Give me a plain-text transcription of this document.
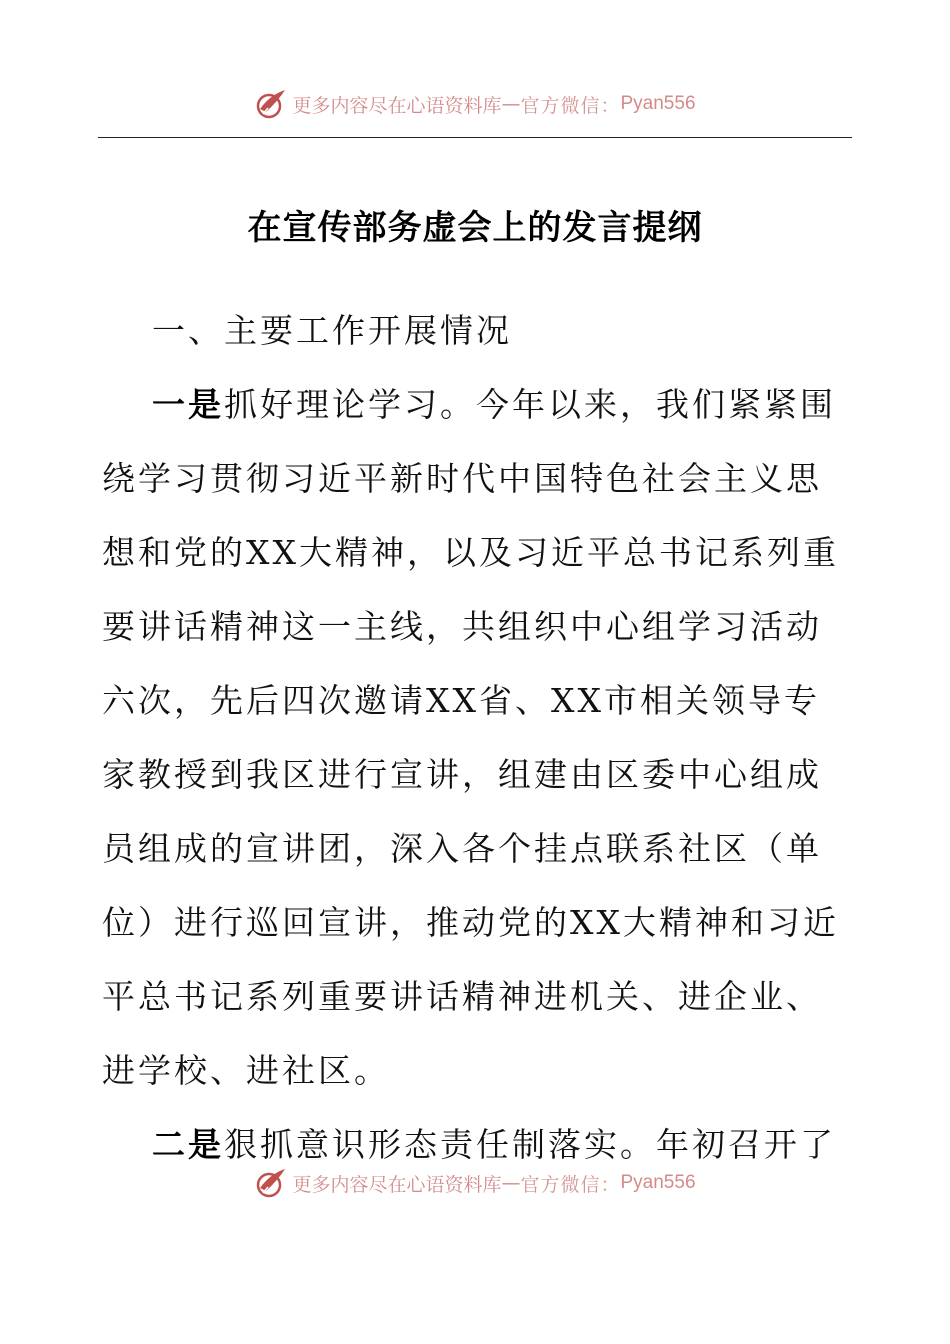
更多内容尽在心语资料库 — 官方微信： Pyan556
在宣传部务虚会上的发言提纲

一、主要工作开展情况

一是抓好理论学习。今年以来，我们紧紧围绕学习贯彻习近平新时代中国特色社会主义思想和党的XX大精神，以及习近平总书记系列重要讲话精神这一主线，共组织中心组学习活动六次，先后四次邀请XX省、XX市相关领导专家教授到我区进行宣讲，组建由区委中心组成员组成的宣讲团，深入各个挂点联系社区（单位）进行巡回宣讲，推动党的XX大精神和习近平总书记系列重要讲话精神进机关、进企业、进学校、进社区。

二是狠抓意识形态责任制落实。年初召开了

更多内容尽在心语资料库 — 官方微信： Pyan556
